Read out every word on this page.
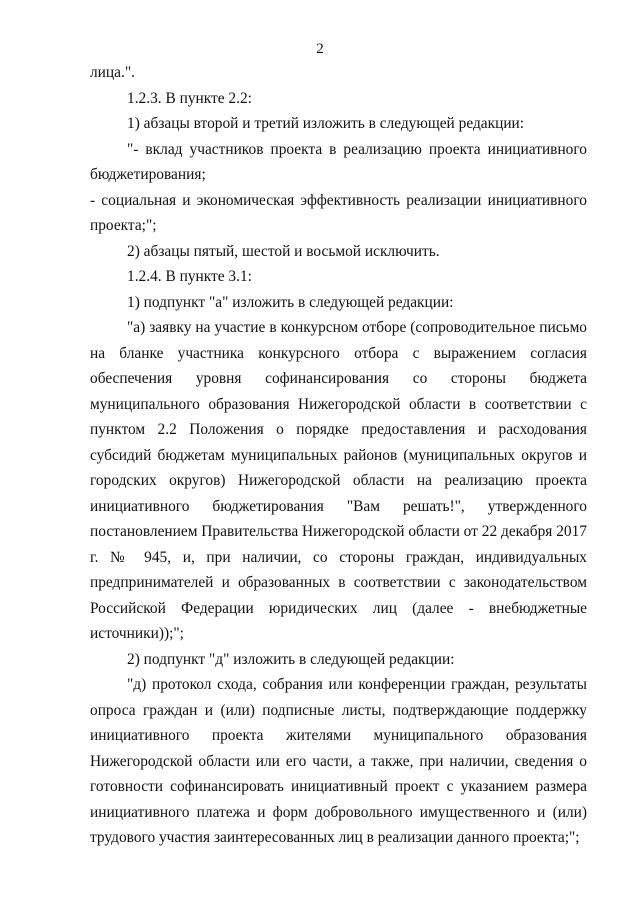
2

лица.".

1.2.3. В пункте 2.2:

1) абзацы второй и третий изложить в следующей редакции:

"- вклад участников проекта в реализацию проекта инициативного бюджетирования;

- социальная и экономическая эффективность реализации инициативного проекта;";

2) абзацы пятый, шестой и восьмой исключить.

1.2.4. В пункте 3.1:

1) подпункт "а" изложить в следующей редакции:

"а) заявку на участие в конкурсном отборе (сопроводительное письмо на бланке участника конкурсного отбора с выражением согласия обеспечения уровня софинансирования со стороны бюджета муниципального образования Нижегородской области в соответствии с пунктом 2.2 Положения о порядке предоставления и расходования субсидий бюджетам муниципальных районов (муниципальных округов и городских округов) Нижегородской области на реализацию проекта инициативного бюджетирования "Вам решать!", утвержденного постановлением Правительства Нижегородской области от 22 декабря 2017 г. № 945, и, при наличии, со стороны граждан, индивидуальных предпринимателей и образованных в соответствии с законодательством Российской Федерации юридических лиц (далее - внебюджетные источники));";

2) подпункт "д" изложить в следующей редакции:

"д) протокол схода, собрания или конференции граждан, результаты опроса граждан и (или) подписные листы, подтверждающие поддержку инициативного проекта жителями муниципального образования Нижегородской области или его части, а также, при наличии, сведения о готовности софинансировать инициативный проект с указанием размера инициативного платежа и форм добровольного имущественного и (или) трудового участия заинтересованных лиц в реализации данного проекта;";
